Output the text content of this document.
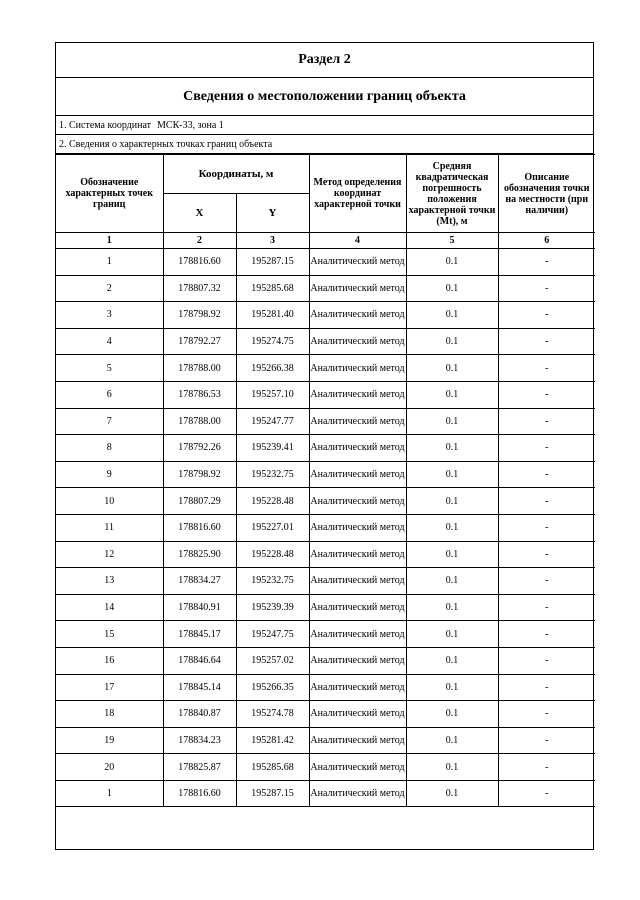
Раздел 2
Сведения о местоположении границ объекта
1. Система координат МСК-33, зона 1
2. Сведения о характерных точках границ объекта
Обозначение характерных точек границ	Координаты, м		Метод определения координат характерной точки	Средняя квадратическая погрешность положения характерной точки (Mt), м	Описание обозначения точки на местности (при наличии)
	X	Y			
1	2	3	4	5	6
1	178816.60	195287.15	Аналитический метод	0.1	-
2	178807.32	195285.68	Аналитический метод	0.1	-
3	178798.92	195281.40	Аналитический метод	0.1	-
4	178792.27	195274.75	Аналитический метод	0.1	-
5	178788.00	195266.38	Аналитический метод	0.1	-
6	178786.53	195257.10	Аналитический метод	0.1	-
7	178788.00	195247.77	Аналитический метод	0.1	-
8	178792.26	195239.41	Аналитический метод	0.1	-
9	178798.92	195232.75	Аналитический метод	0.1	-
10	178807.29	195228.48	Аналитический метод	0.1	-
11	178816.60	195227.01	Аналитический метод	0.1	-
12	178825.90	195228.48	Аналитический метод	0.1	-
13	178834.27	195232.75	Аналитический метод	0.1	-
14	178840.91	195239.39	Аналитический метод	0.1	-
15	178845.17	195247.75	Аналитический метод	0.1	-
16	178846.64	195257.02	Аналитический метод	0.1	-
17	178845.14	195266.35	Аналитический метод	0.1	-
18	178840.87	195274.78	Аналитический метод	0.1	-
19	178834.23	195281.42	Аналитический метод	0.1	-
20	178825.87	195285.68	Аналитический метод	0.1	-
1	178816.60	195287.15	Аналитический метод	0.1	-
